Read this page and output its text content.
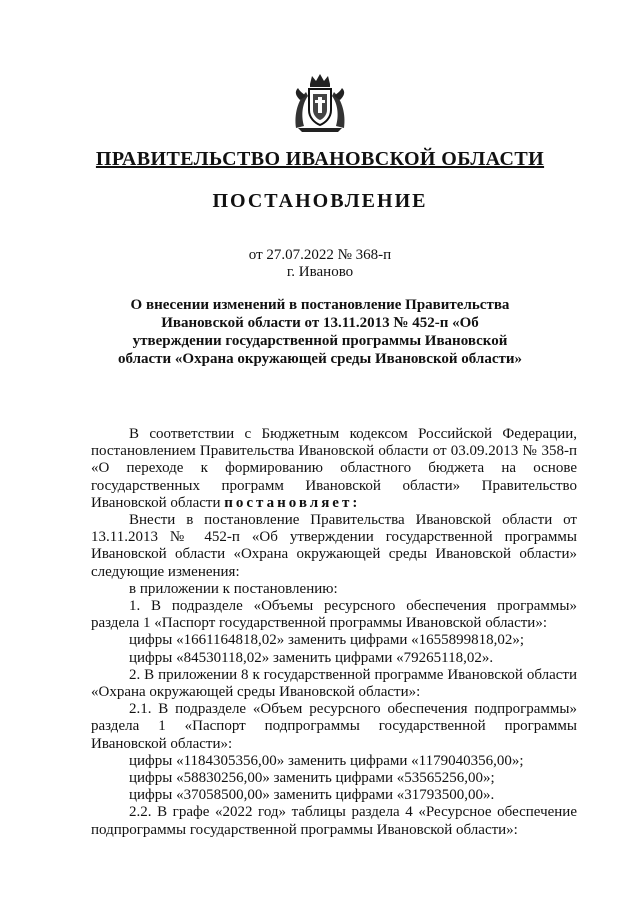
ПРАВИТЕЛЬСТВО ИВАНОВСКОЙ ОБЛАСТИ
ПОСТАНОВЛЕНИЕ
от 27.07.2022 № 368-п
г. Иваново
О внесении изменений в постановление Правительства Ивановской области от 13.11.2013 № 452-п «Об утверждении государственной программы Ивановской области «Охрана окружающей среды Ивановской области»

В соответствии с Бюджетным кодексом Российской Федерации, постановлением Правительства Ивановской области от 03.09.2013 № 358-п «О переходе к формированию областного бюджета на основе государственных программ Ивановской области» Правительство Ивановской области постановляет:

Внести в постановление Правительства Ивановской области от 13.11.2013 № 452-п «Об утверждении государственной программы Ивановской области «Охрана окружающей среды Ивановской области» следующие изменения:

в приложении к постановлению:

1. В подразделе «Объемы ресурсного обеспечения программы» раздела 1 «Паспорт государственной программы Ивановской области»:

цифры «1661164818,02» заменить цифрами «1655899818,02»;

цифры «84530118,02» заменить цифрами «79265118,02».

2. В приложении 8 к государственной программе Ивановской области «Охрана окружающей среды Ивановской области»:

2.1. В подразделе «Объем ресурсного обеспечения подпрограммы» раздела 1 «Паспорт подпрограммы государственной программы Ивановской области»:

цифры «1184305356,00» заменить цифрами «1179040356,00»;

цифры «58830256,00» заменить цифрами «53565256,00»;

цифры «37058500,00» заменить цифрами «31793500,00».

2.2. В графе «2022 год» таблицы раздела 4 «Ресурсное обеспечение подпрограммы государственной программы Ивановской области»:
